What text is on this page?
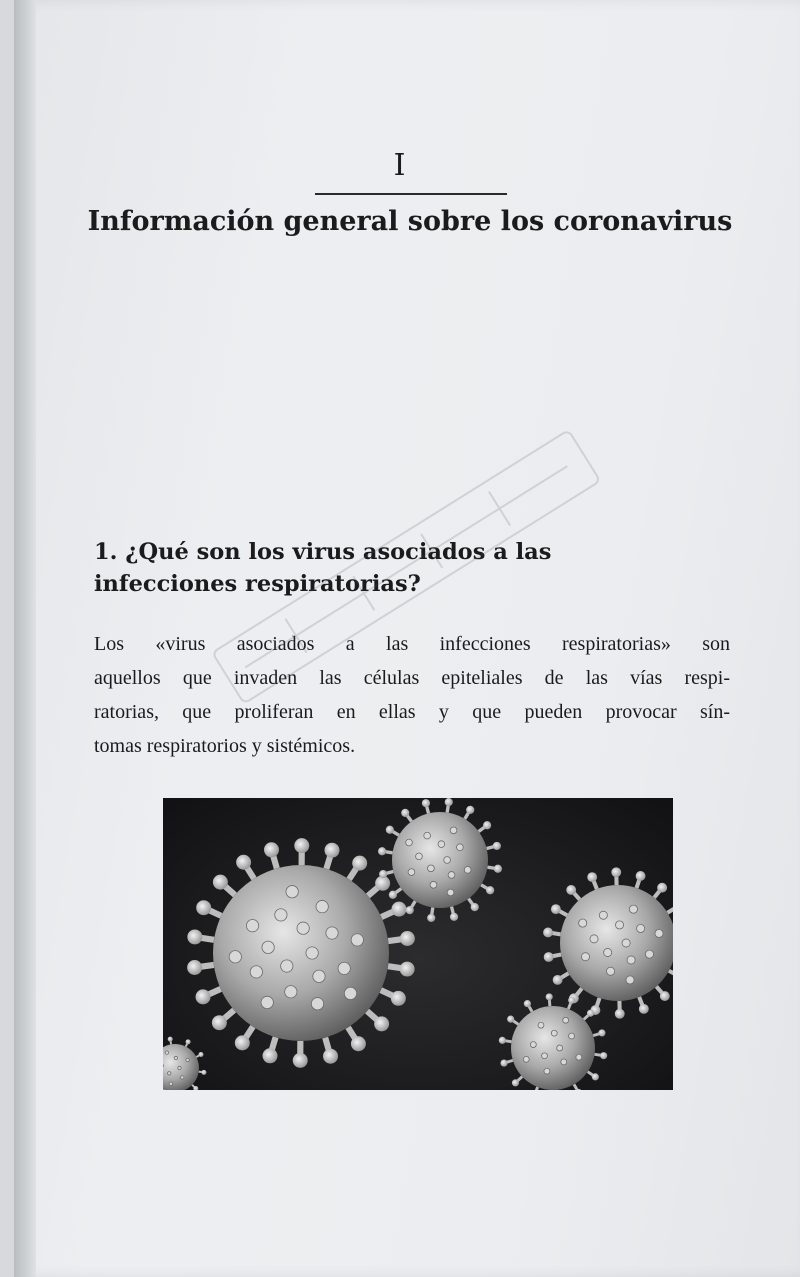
I
Información general sobre los coronavirus
1. ¿Qué son los virus asociados a las
infecciones respiratorias?
Los «virus asociados a las infecciones respiratorias» son
aquellos que invaden las células epiteliales de las vías respi-
ratorias, que proliferan en ellas y que pueden provocar sín-
tomas respiratorios y sistémicos.
